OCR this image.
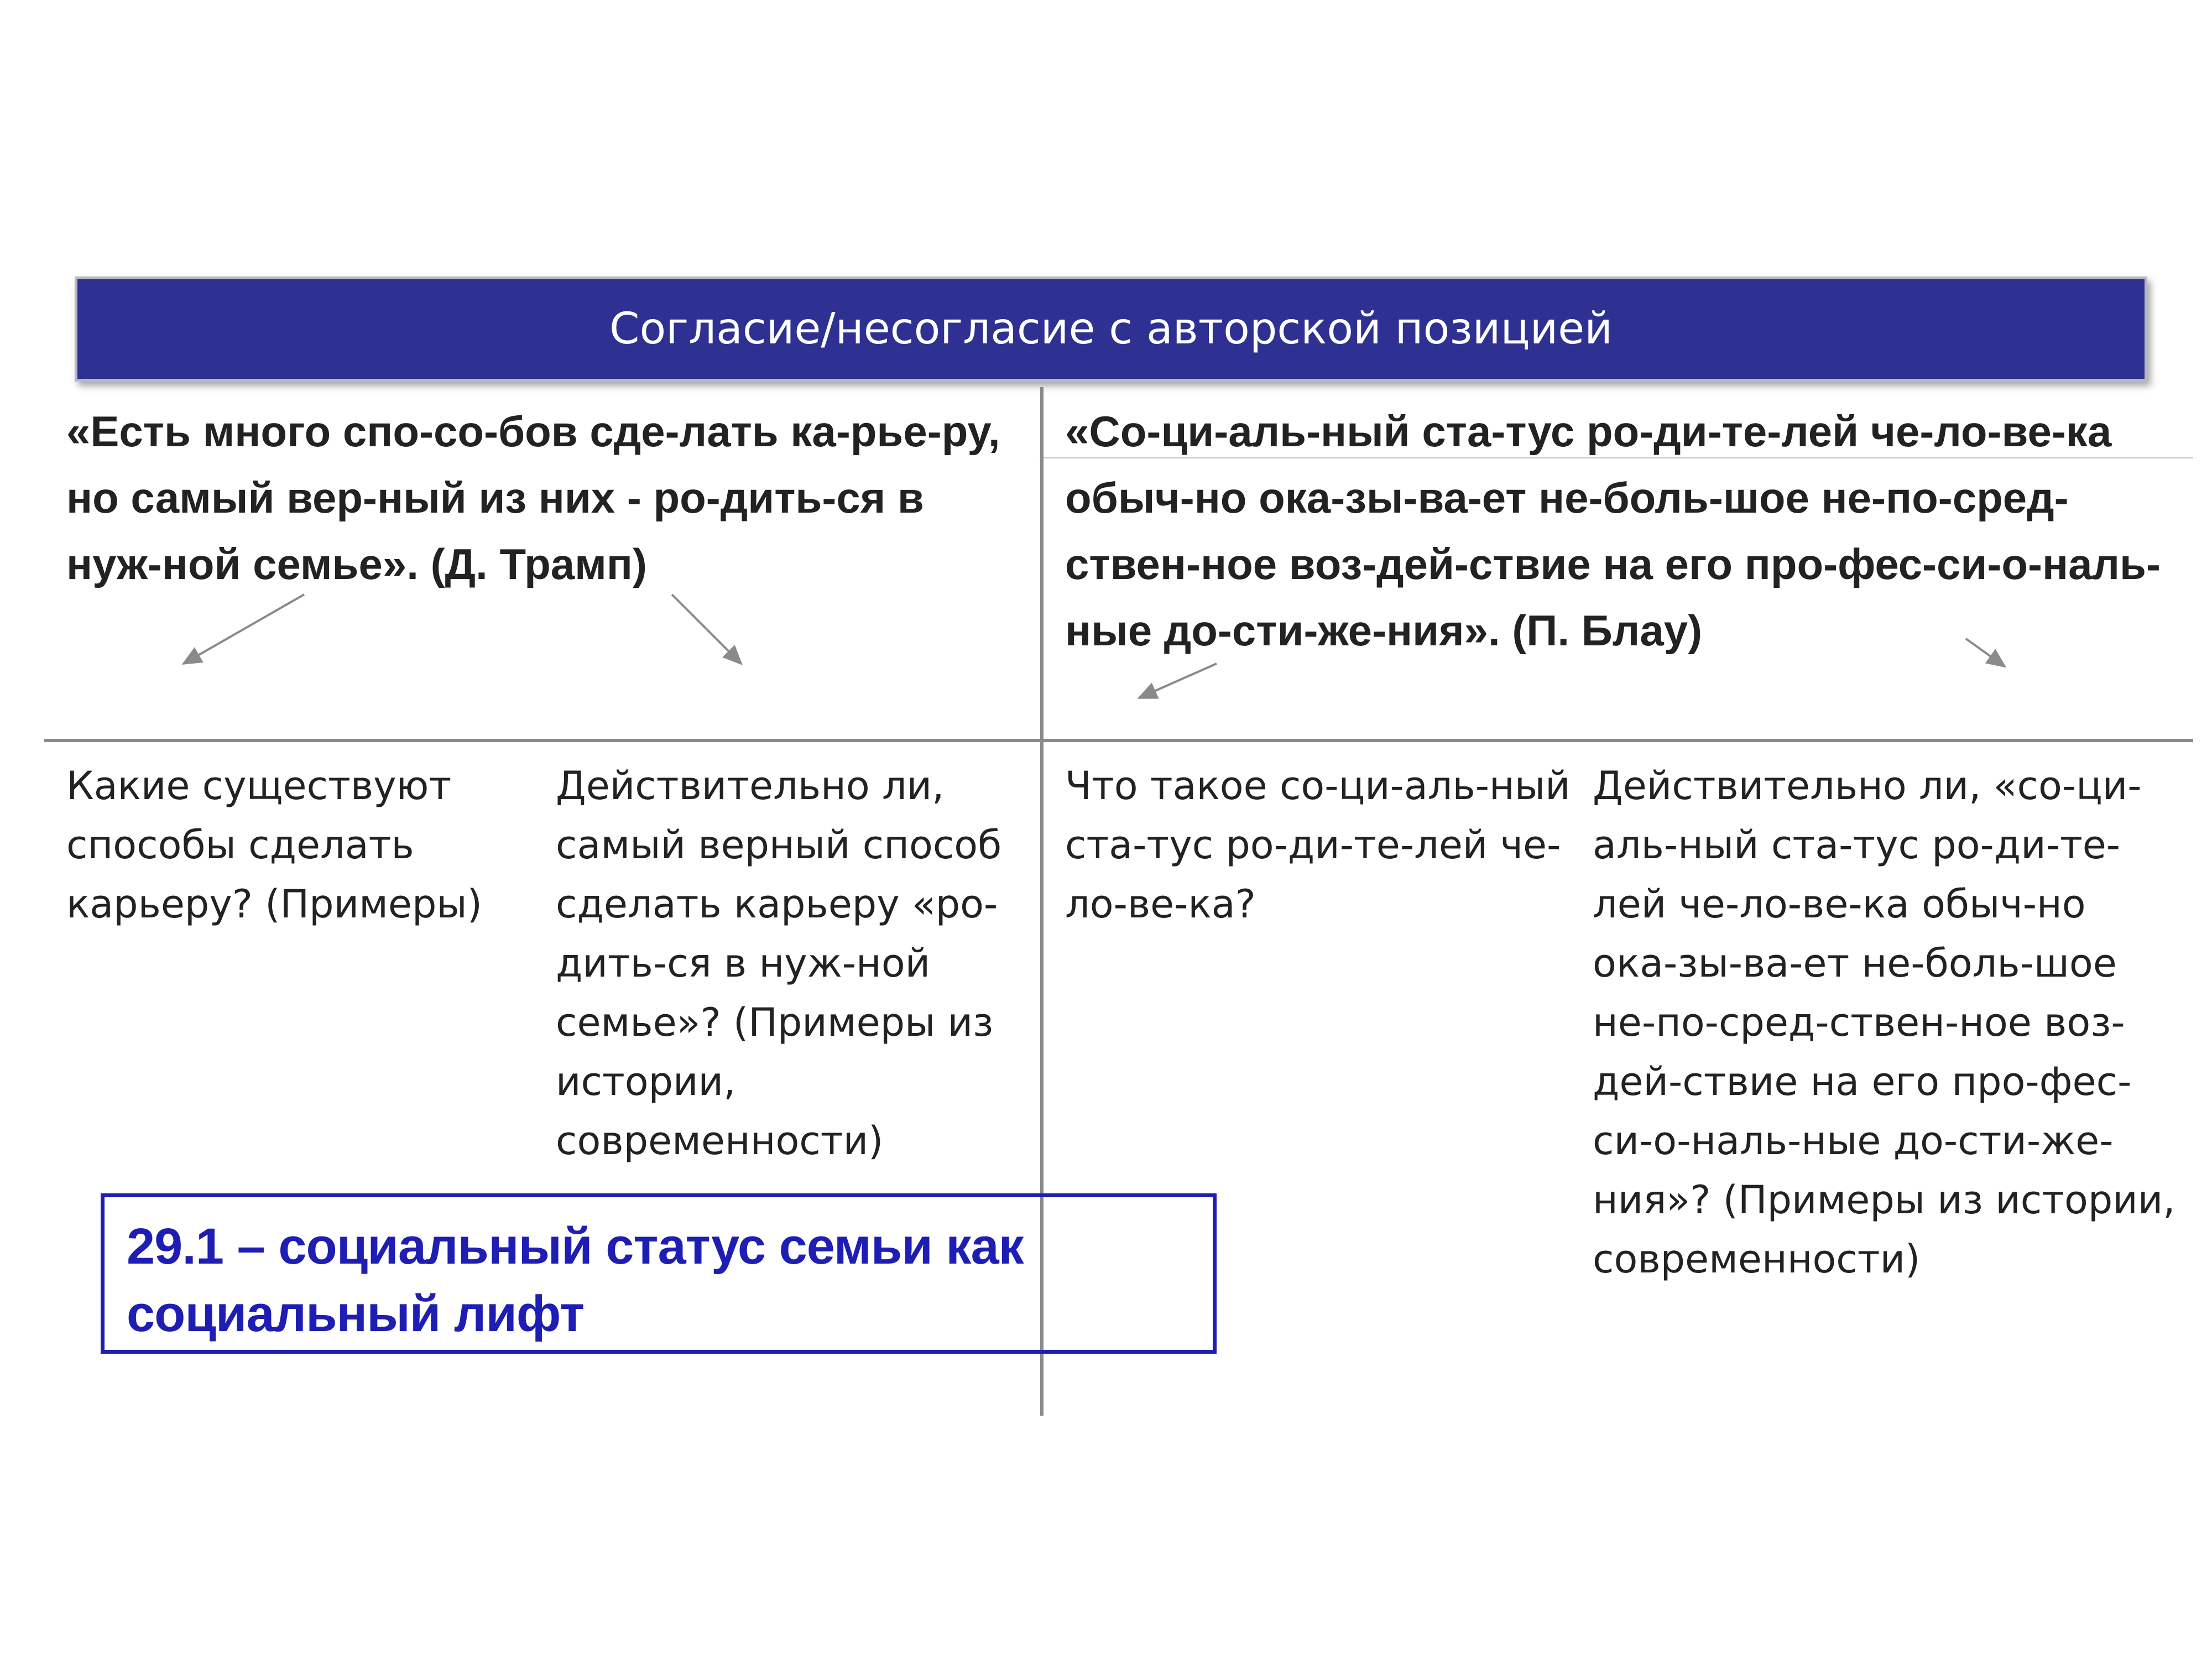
Согласие/несогласие с авторской позицией
«Есть много спо-со-бов сде-лать ка-рье-ру, но самый вер-ный из них - ро-дить-ся в нуж-ной семье». (Д. Трамп)
«Со-ци-аль-ный ста-тус ро-ди-те-лей че-ло-ве-ка обыч-но ока-зы-ва-ет не-боль-шое не-по-сред-ствен-ное воз-дей-ствие на его про-фес-си-о-наль-ные до-сти-же-ния». (П. Блау)
Какие существуют способы сделать карьеру? (Примеры)
Действительно ли, самый верный способ сделать карьеру «ро-дить-ся в нуж-ной семье»? (Примеры из истории, современности)
Что такое со-ци-аль-ный ста-тус ро-ди-те-лей че-ло-ве-ка?
Действительно ли, «со-ци-аль-ный ста-тус ро-ди-те-лей че-ло-ве-ка обыч-но ока-зы-ва-ет не-боль-шое не-по-сред-ствен-ное воз-дей-ствие на его про-фес-си-о-наль-ные до-сти-же-ния»? (Примеры из истории, современности)
29.1 – социальный статус семьи как социальный лифт
